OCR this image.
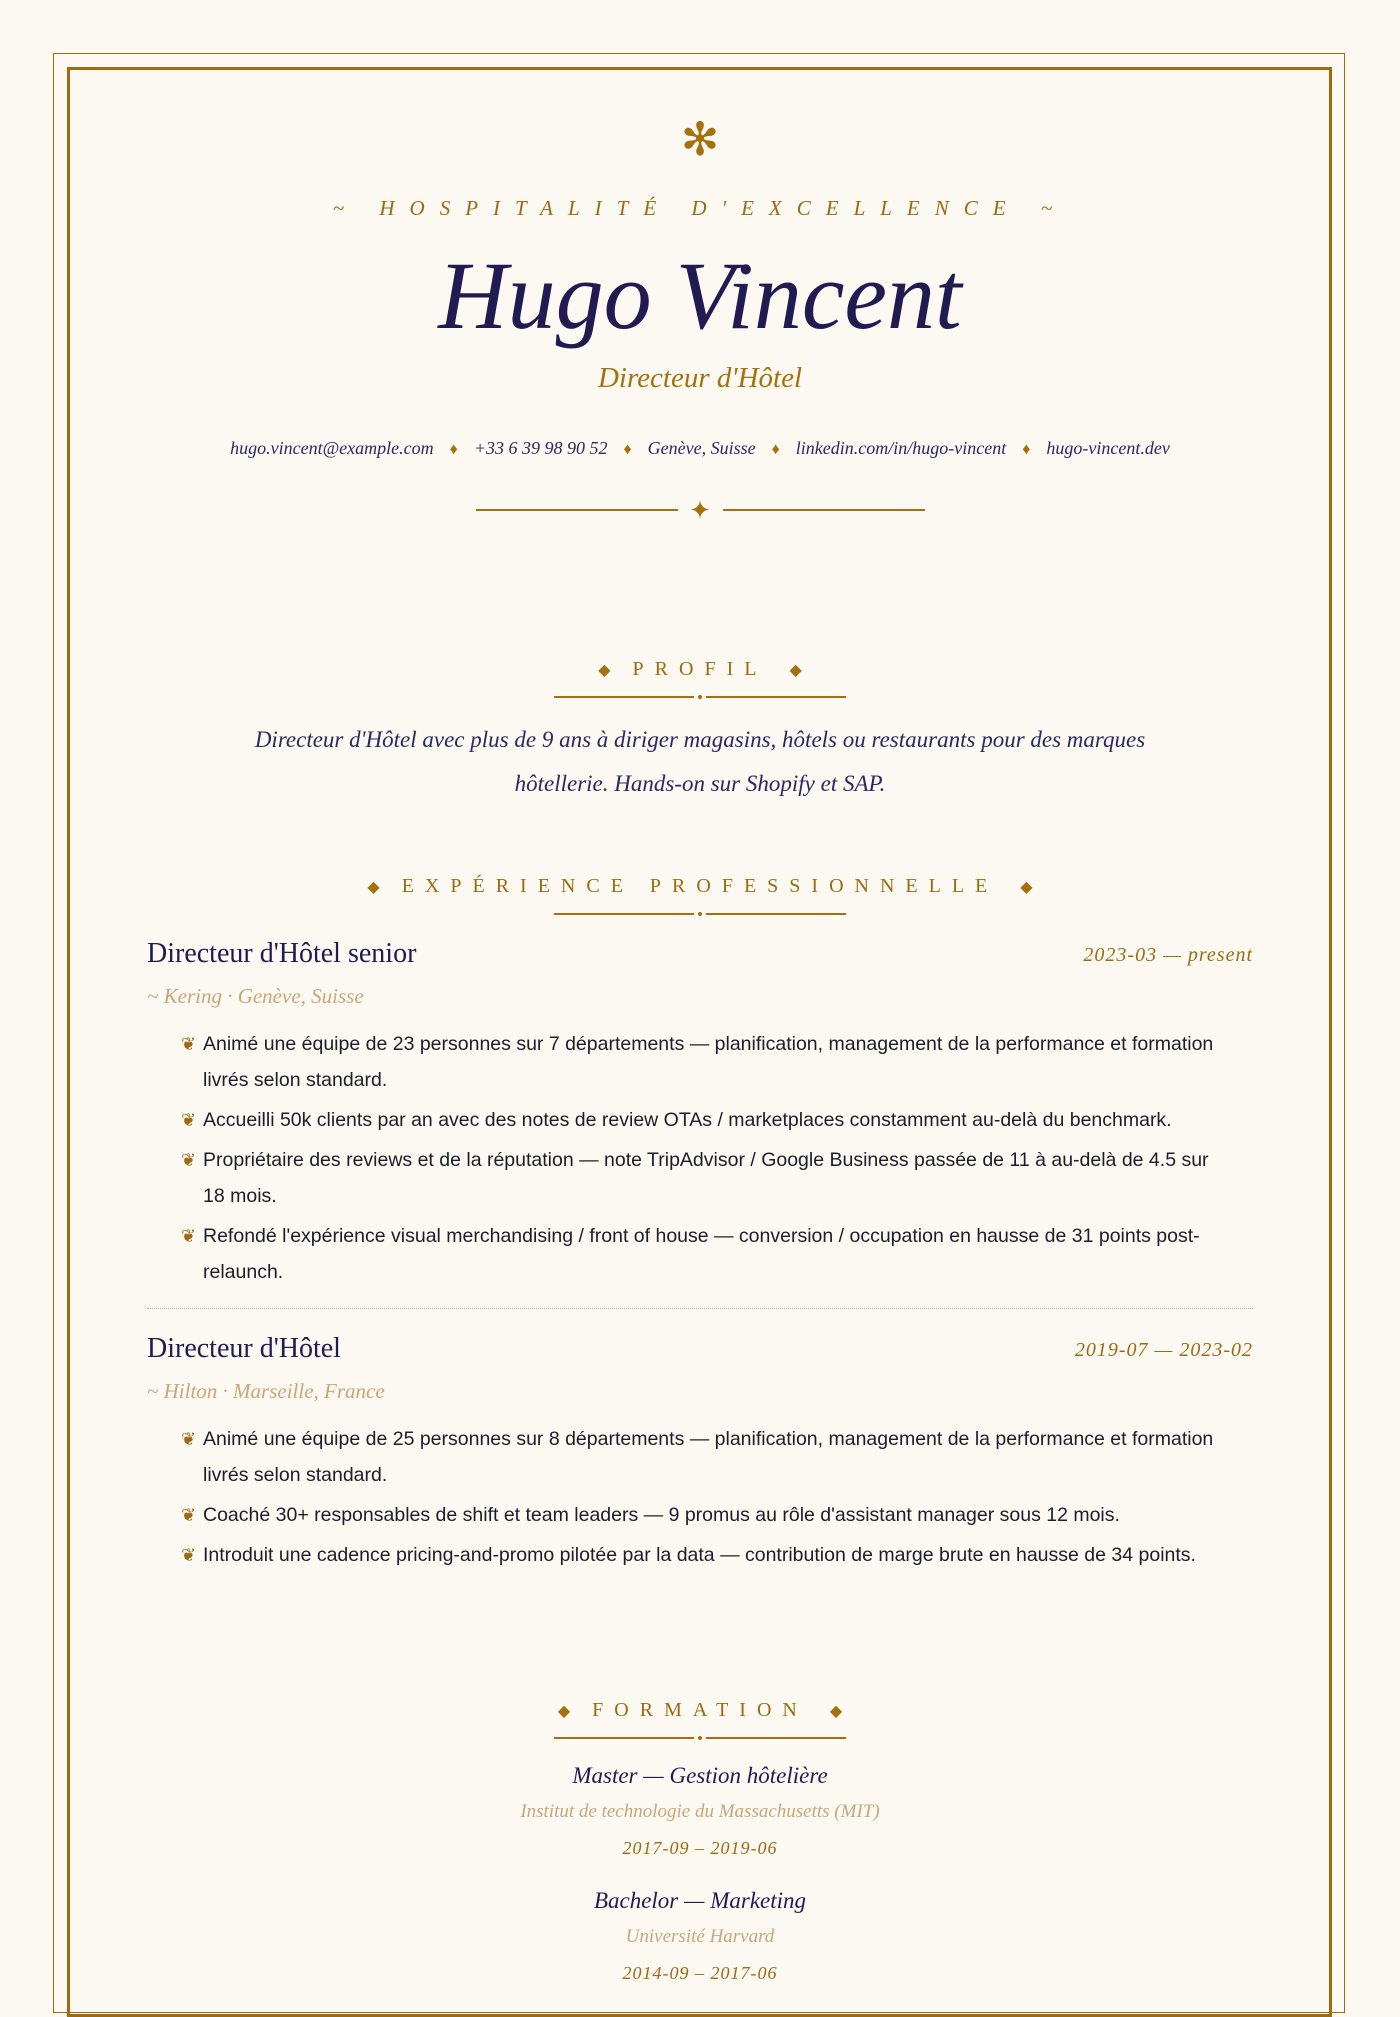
✻
~ HOSPITALITÉ D'EXCELLENCE ~
Hugo Vincent
Directeur d'Hôtel
hugo.vincent@example.com ♦ +33 6 39 98 90 52 ♦ Genève, Suisse ♦ linkedin.com/in/hugo-vincent ♦ hugo-vincent.dev
✦
◆ PROFIL ◆
Directeur d'Hôtel avec plus de 9 ans à diriger magasins, hôtels ou restaurants pour des marques hôtellerie. Hands-on sur Shopify et SAP.
◆ EXPÉRIENCE PROFESSIONNELLE ◆
Directeur d'Hôtel senior	2023-03 — present
~ Kering · Genève, Suisse
❦ Animé une équipe de 23 personnes sur 7 départements — planification, management de la performance et formation livrés selon standard.
❦ Accueilli 50k clients par an avec des notes de review OTAs / marketplaces constamment au-delà du benchmark.
❦ Propriétaire des reviews et de la réputation — note TripAdvisor / Google Business passée de 11 à au-delà de 4.5 sur 18 mois.
❦ Refondé l'expérience visual merchandising / front of house — conversion / occupation en hausse de 31 points post-relaunch.
Directeur d'Hôtel	2019-07 — 2023-02
~ Hilton · Marseille, France
❦ Animé une équipe de 25 personnes sur 8 départements — planification, management de la performance et formation livrés selon standard.
❦ Coaché 30+ responsables de shift et team leaders — 9 promus au rôle d'assistant manager sous 12 mois.
❦ Introduit une cadence pricing-and-promo pilotée par la data — contribution de marge brute en hausse de 34 points.
◆ FORMATION ◆
Master — Gestion hôtelière
Institut de technologie du Massachusetts (MIT)
2017-09 – 2019-06
Bachelor — Marketing
Université Harvard
2014-09 – 2017-06
